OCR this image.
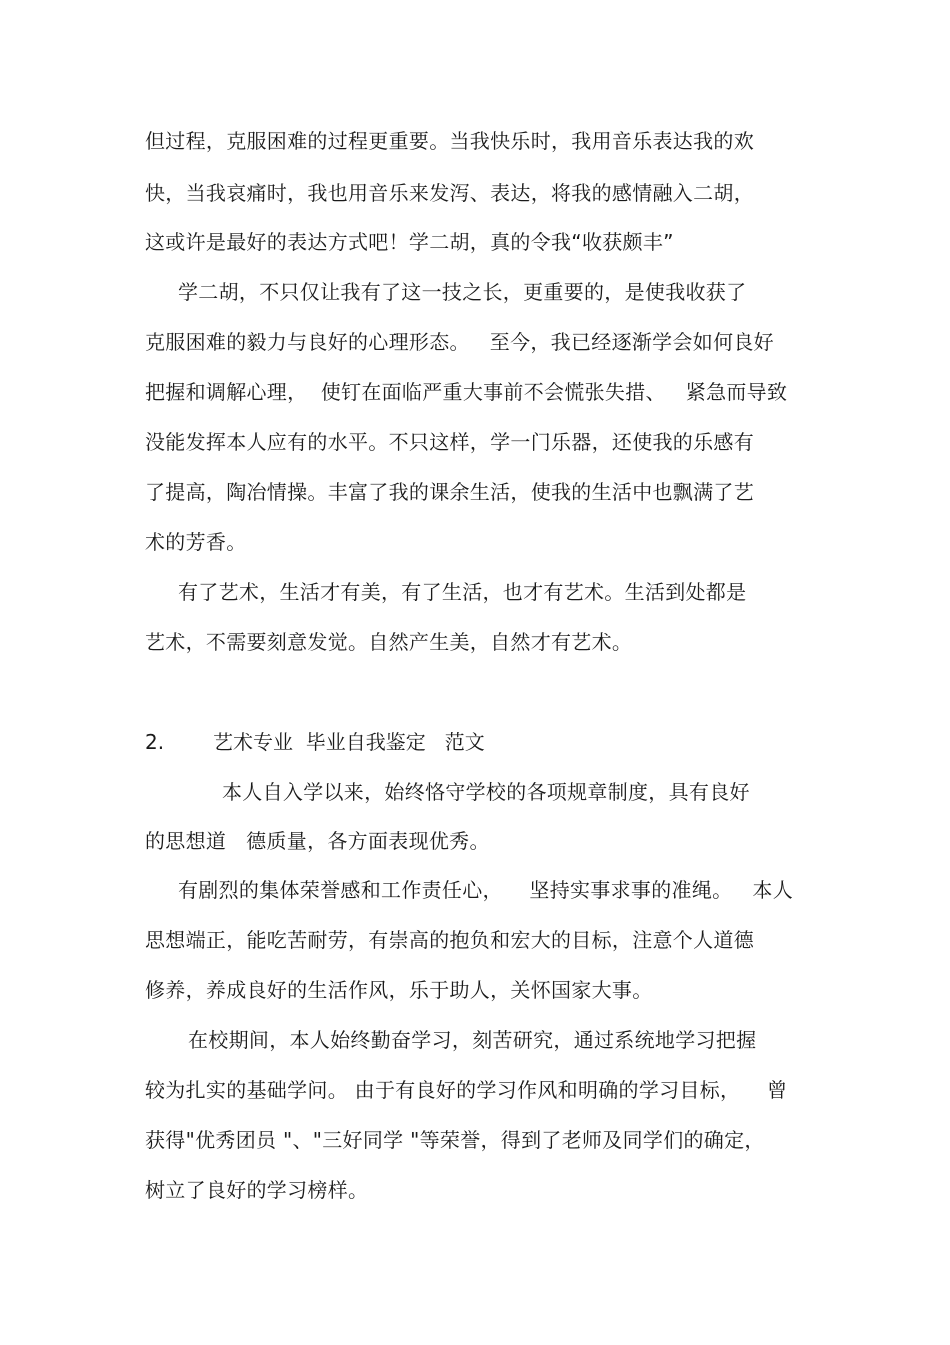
但过程，克服困难的过程更重要。当我快乐时，我用音乐表达我的欢
快，当我哀痛时，我也用音乐来发泻、表达，将我的感情融入二胡，
这或许是最好的表达方式吧！学二胡，真的令我“收获颇丰”
学二胡，不只仅让我有了这一技之长，更重要的，是使我收获了
克服困难的毅力与良好的心理形态。   至今，我已经逐渐学会如何良好
把握和调解心理，  使钉在面临严重大事前不会慌张失措、   紧急而导致
没能发挥本人应有的水平。不只这样，学一门乐器，还使我的乐感有
了提高，陶冶情操。丰富了我的课余生活，使我的生活中也飘满了艺
术的芳香。
有了艺术，生活才有美，有了生活，也才有艺术。生活到处都是
艺术，不需要刻意发觉。自然产生美，自然才有艺术。

2.

艺术专业  毕业自我鉴定   范文

本人自入学以来，始终恪守学校的各项规章制度，具有良好
的思想道   德质量，各方面表现优秀。
有剧烈的集体荣誉感和工作责任心，    坚持实事求事的准绳。   本人
思想端正，能吃苦耐劳，有崇高的抱负和宏大的目标，注意个人道德
修养，养成良好的生活作风，乐于助人，关怀国家大事。
在校期间，本人始终勤奋学习，刻苦研究，通过系统地学习把握
较为扎实的基础学问。 由于有良好的学习作风和明确的学习目标，    曾
获得"优秀团员 "、"三好同学 "等荣誉，得到了老师及同学们的确定，
树立了良好的学习榜样。
